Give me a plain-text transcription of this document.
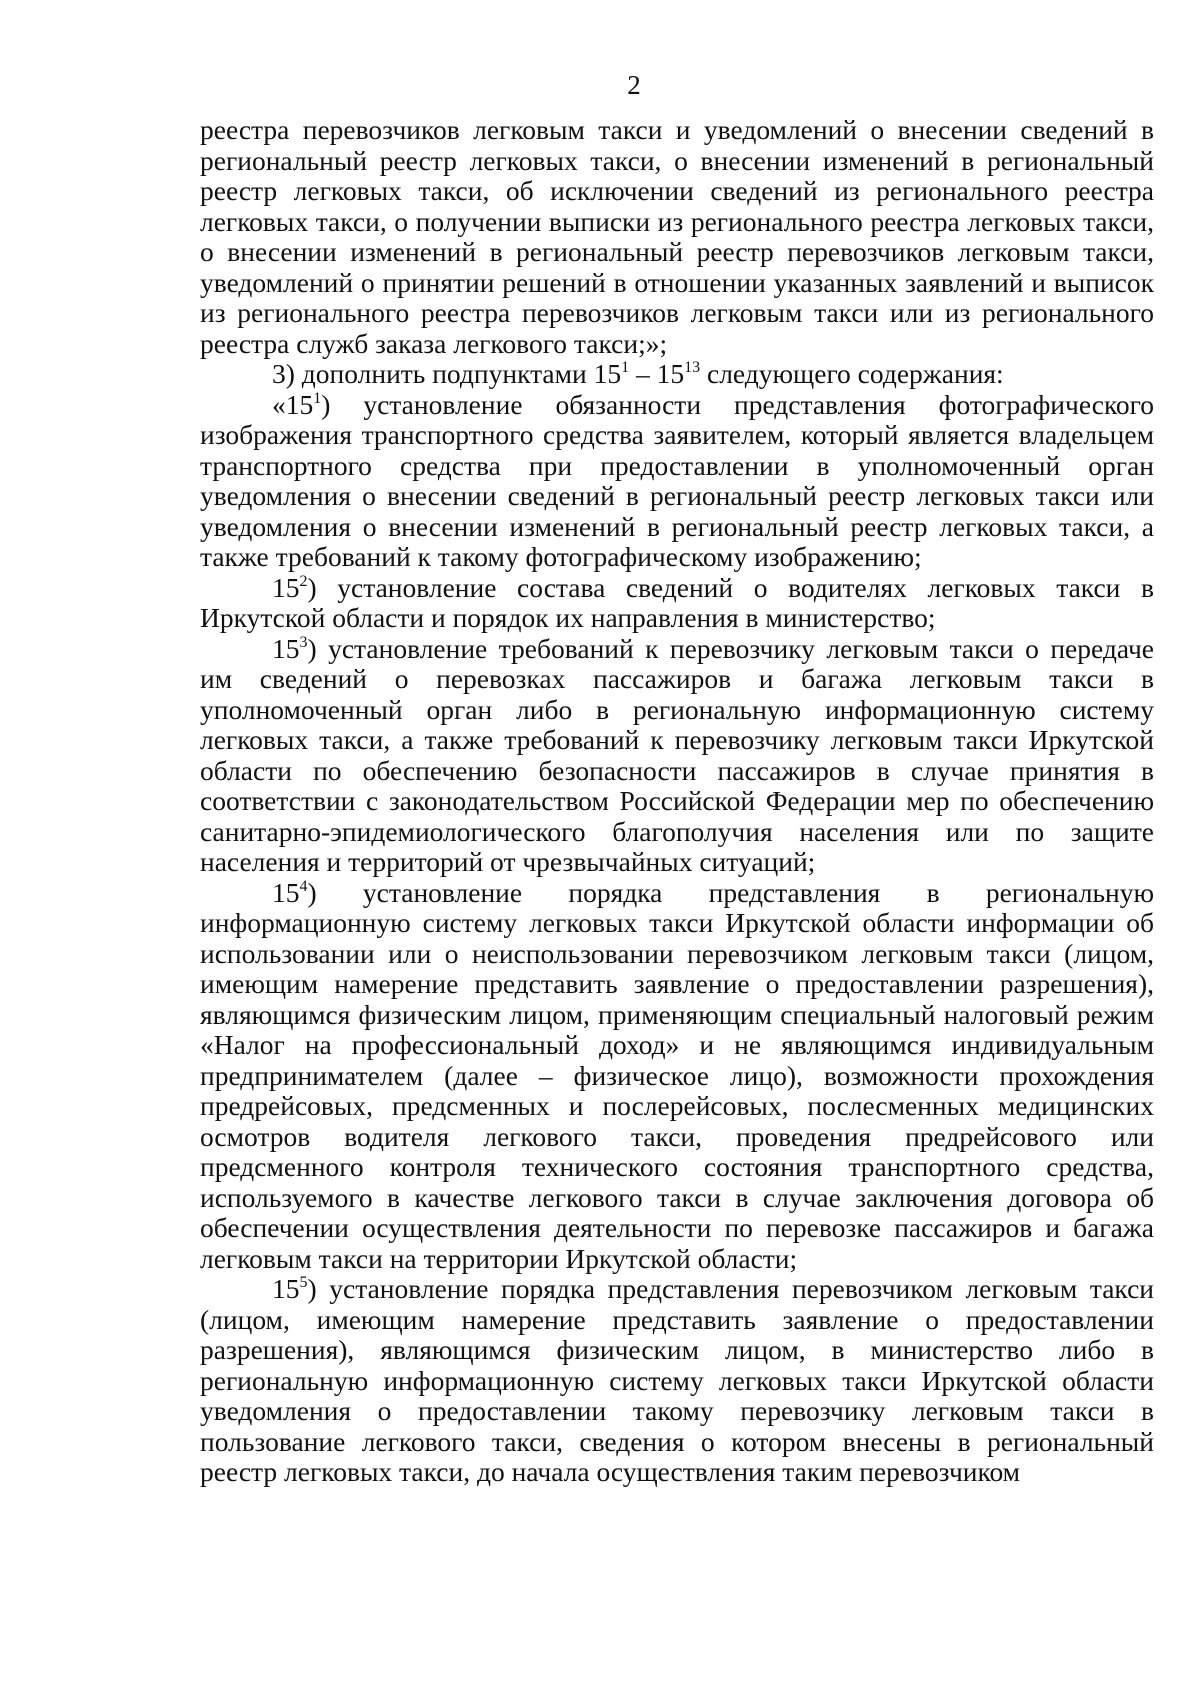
2

реестра перевозчиков легковым такси и уведомлений о внесении сведений в региональный реестр легковых такси, о внесении изменений в региональный реестр легковых такси, об исключении сведений из регионального реестра легковых такси, о получении выписки из регионального реестра легковых такси, о внесении изменений в региональный реестр перевозчиков легковым такси, уведомлений о принятии решений в отношении указанных заявлений и выписок из регионального реестра перевозчиков легковым такси или из регионального реестра служб заказа легкового такси;»;

3) дополнить подпунктами $15^1 - 15^{13}$ следующего содержания:

«$15^1$) установление обязанности представления фотографического изображения транспортного средства заявителем, который является владельцем транспортного средства при предоставлении в уполномоченный орган уведомления о внесении сведений в региональный реестр легковых такси или уведомления о внесении изменений в региональный реестр легковых такси, а также требований к такому фотографическому изображению;

$15^2$) установление состава сведений о водителях легковых такси в Иркутской области и порядок их направления в министерство;

$15^3$) установление требований к перевозчику легковым такси о передаче им сведений о перевозках пассажиров и багажа легковым такси в уполномоченный орган либо в региональную информационную систему легковых такси, а также требований к перевозчику легковым такси Иркутской области по обеспечению безопасности пассажиров в случае принятия в соответствии с законодательством Российской Федерации мер по обеспечению санитарно-эпидемиологического благополучия населения или по защите населения и территорий от чрезвычайных ситуаций;

$15^4$) установление порядка представления в региональную информационную систему легковых такси Иркутской области информации об использовании или о неиспользовании перевозчиком легковым такси (лицом, имеющим намерение представить заявление о предоставлении разрешения), являющимся физическим лицом, применяющим специальный налоговый режим «Налог на профессиональный доход» и не являющимся индивидуальным предпринимателем (далее – физическое лицо), возможности прохождения предрейсовых, предсменных и послерейсовых, послесменных медицинских осмотров водителя легкового такси, проведения предрейсового или предсменного контроля технического состояния транспортного средства, используемого в качестве легкового такси в случае заключения договора об обеспечении осуществления деятельности по перевозке пассажиров и багажа легковым такси на территории Иркутской области;

$15^5$) установление порядка представления перевозчиком легковым такси (лицом, имеющим намерение представить заявление о предоставлении разрешения), являющимся физическим лицом, в министерство либо в региональную информационную систему легковых такси Иркутской области уведомления о предоставлении такому перевозчику легковым такси в пользование легкового такси, сведения о котором внесены в региональный реестр легковых такси, до начала осуществления таким перевозчиком
